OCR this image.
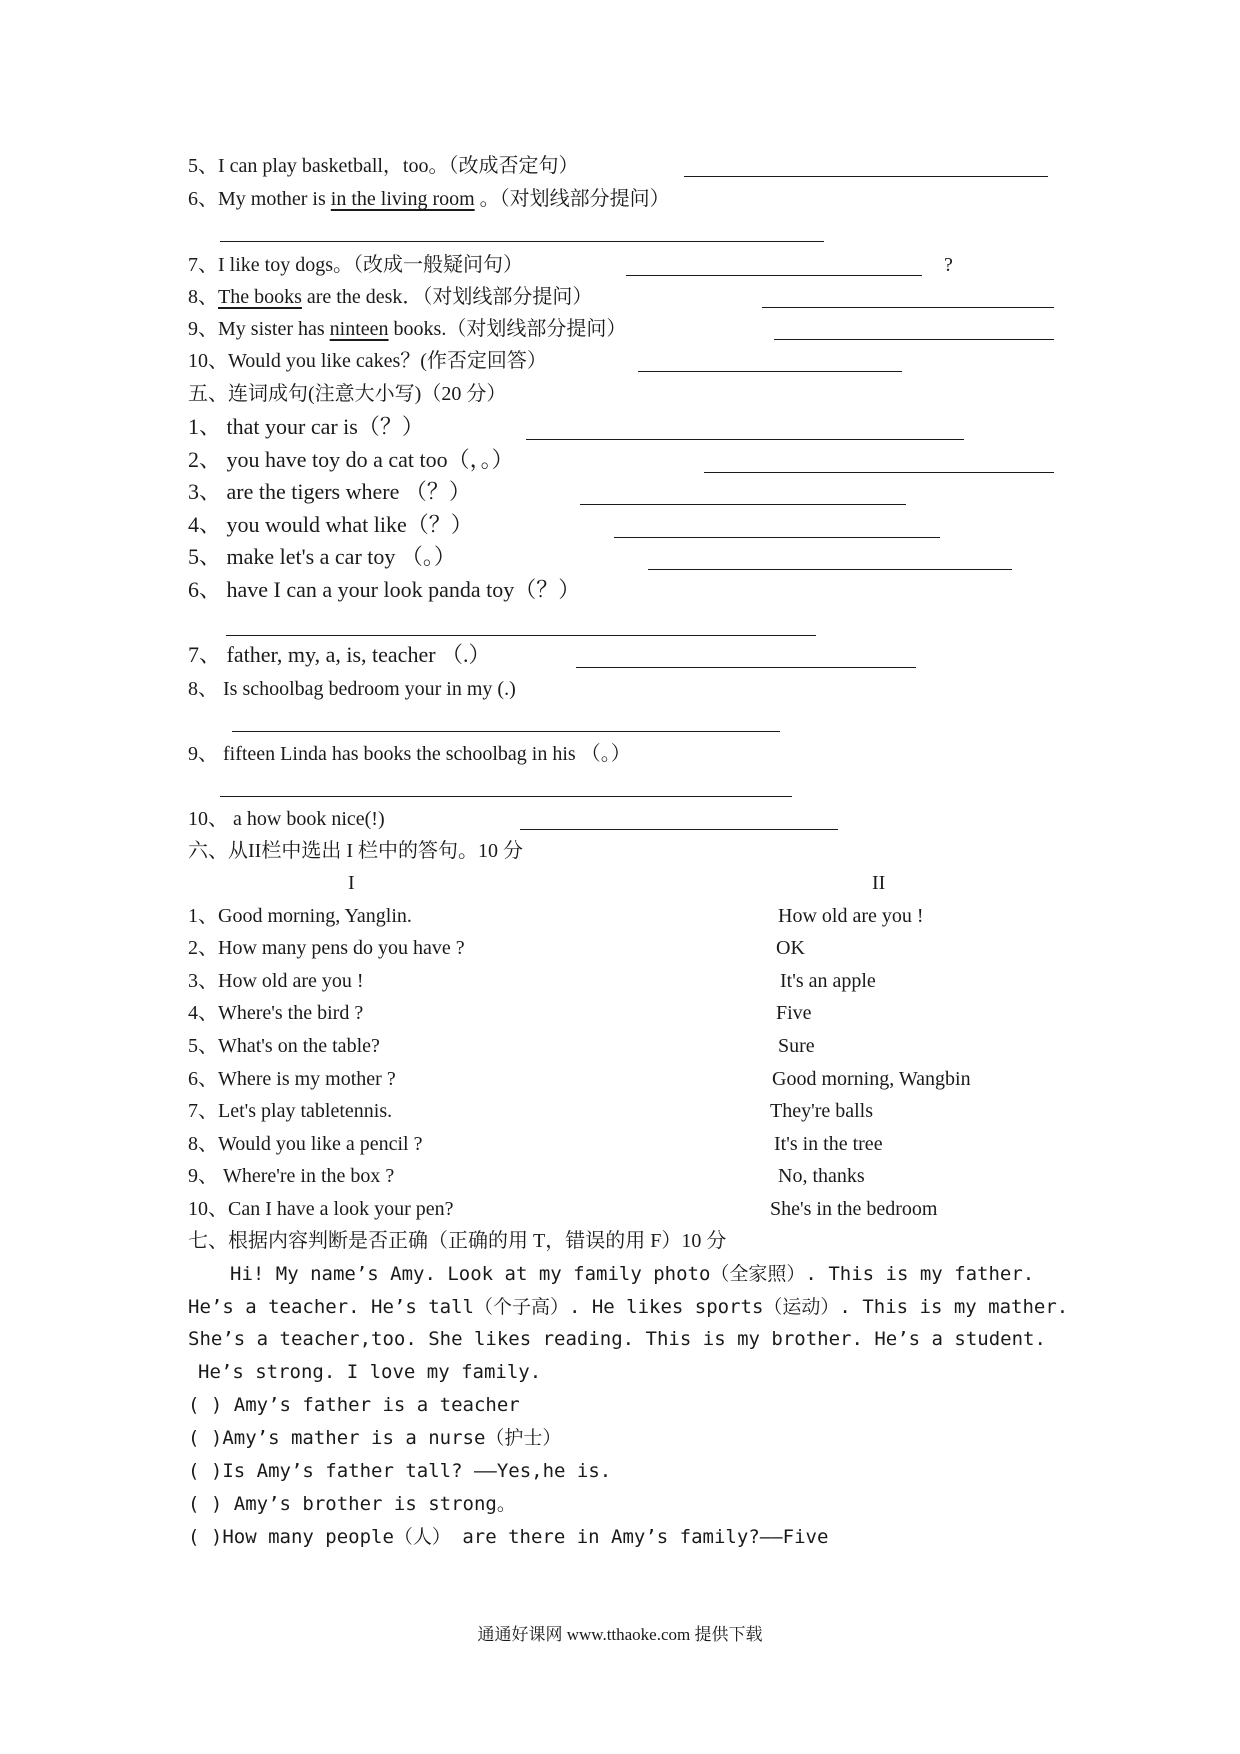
5、I can play basketball，too。（改成否定句）
6、My mother is in the living room 。（对划线部分提问）
7、I like toy dogs。（改成一般疑问句）	?
8、The books are the desk．（对划线部分提问）
9、My sister has ninteen books.（对划线部分提问）
10、Would you like cakes？(作否定回答）
五、连词成句(注意大小写)（20 分）
1、 that your car is（？）
2、 you have toy do a cat too（，。）
3、 are the tigers where （？）
4、 you would what like（？）
5、 make let's a car toy （。）
6、 have I can a your look panda toy（？）
7、 father, my, a, is, teacher （.）
8、 Is schoolbag bedroom your in my (.)
9、 fifteen Linda has books the schoolbag in his （。）
10、 a how book nice(!)
六、从II栏中选出 I 栏中的答句。10 分
I	II
1、Good morning, Yanglin.	How old are you !
2、How many pens do you have ?	OK
3、How old are you !	It's an apple
4、Where's the bird ?	Five
5、What's on the table?	Sure
6、Where is my mother ?	Good morning, Wangbin
7、Let's play tabletennis.	They're balls
8、Would you like a pencil ?	It's in the tree
9、 Where're in the box ?	No, thanks
10、Can I have a look your pen?	She's in the bedroom
七、根据内容判断是否正确（正确的用 T，错误的用 F）10 分
Hi! My name’s Amy. Look at my family photo（全家照）. This is my father.
He’s a teacher. He’s tall（个子高）. He likes sports（运动）. This is my mather.
She’s a teacher,too. She likes reading. This is my brother. He’s a student.
He’s strong. I love my family.
( ) Amy’s father is a teacher
( )Amy’s mather is a nurse（护士）
( )Is Amy’s father tall? ——Yes,he is.
( ) Amy’s brother is strong。
( )How many people（人） are there in Amy’s family?——Five
通通好课网 www.tthaoke.com 提供下载
